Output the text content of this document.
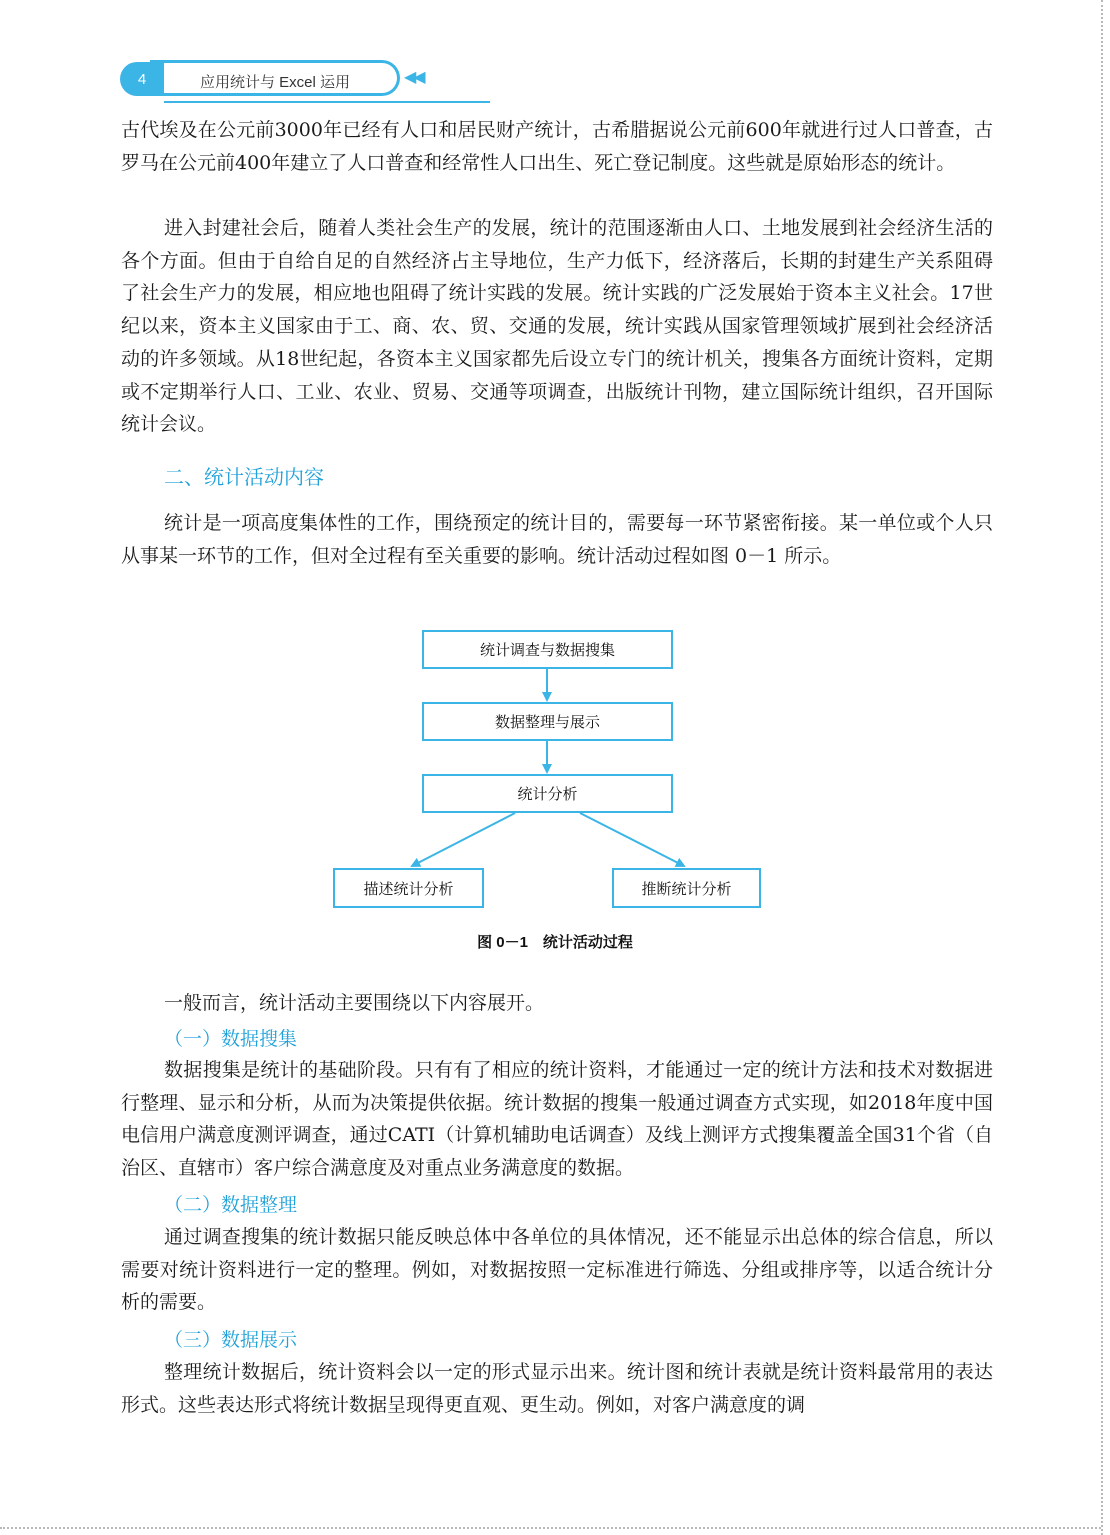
4	应用统计与 Excel 运用	◀◀

古代埃及在公元前3000年已经有人口和居民财产统计，古希腊据说公元前600年就进行过人口普查，古罗马在公元前400年建立了人口普查和经常性人口出生、死亡登记制度。这些就是原始形态的统计。

进入封建社会后，随着人类社会生产的发展，统计的范围逐渐由人口、土地发展到社会经济生活的各个方面。但由于自给自足的自然经济占主导地位，生产力低下，经济落后，长期的封建生产关系阻碍了社会生产力的发展，相应地也阻碍了统计实践的发展。统计实践的广泛发展始于资本主义社会。17世纪以来，资本主义国家由于工、商、农、贸、交通的发展，统计实践从国家管理领域扩展到社会经济活动的许多领域。从18世纪起，各资本主义国家都先后设立专门的统计机关，搜集各方面统计资料，定期或不定期举行人口、工业、农业、贸易、交通等项调查，出版统计刊物，建立国际统计组织，召开国际统计会议。

二、统计活动内容

统计是一项高度集体性的工作，围绕预定的统计目的，需要每一环节紧密衔接。某一单位或个人只从事某一环节的工作，但对全过程有至关重要的影响。统计活动过程如图 0－1 所示。

统计调查与数据搜集
数据整理与展示
统计分析
描述统计分析	推断统计分析
图 0－1　统计活动过程

一般而言，统计活动主要围绕以下内容展开。

（一）数据搜集

数据搜集是统计的基础阶段。只有有了相应的统计资料，才能通过一定的统计方法和技术对数据进行整理、显示和分析，从而为决策提供依据。统计数据的搜集一般通过调查方式实现，如2018年度中国电信用户满意度测评调查，通过CATI（计算机辅助电话调查）及线上测评方式搜集覆盖全国31个省（自治区、直辖市）客户综合满意度及对重点业务满意度的数据。

（二）数据整理

通过调查搜集的统计数据只能反映总体中各单位的具体情况，还不能显示出总体的综合信息，所以需要对统计资料进行一定的整理。例如，对数据按照一定标准进行筛选、分组或排序等，以适合统计分析的需要。

（三）数据展示

整理统计数据后，统计资料会以一定的形式显示出来。统计图和统计表就是统计资料最常用的表达形式。这些表达形式将统计数据呈现得更直观、更生动。例如，对客户满意度的调
